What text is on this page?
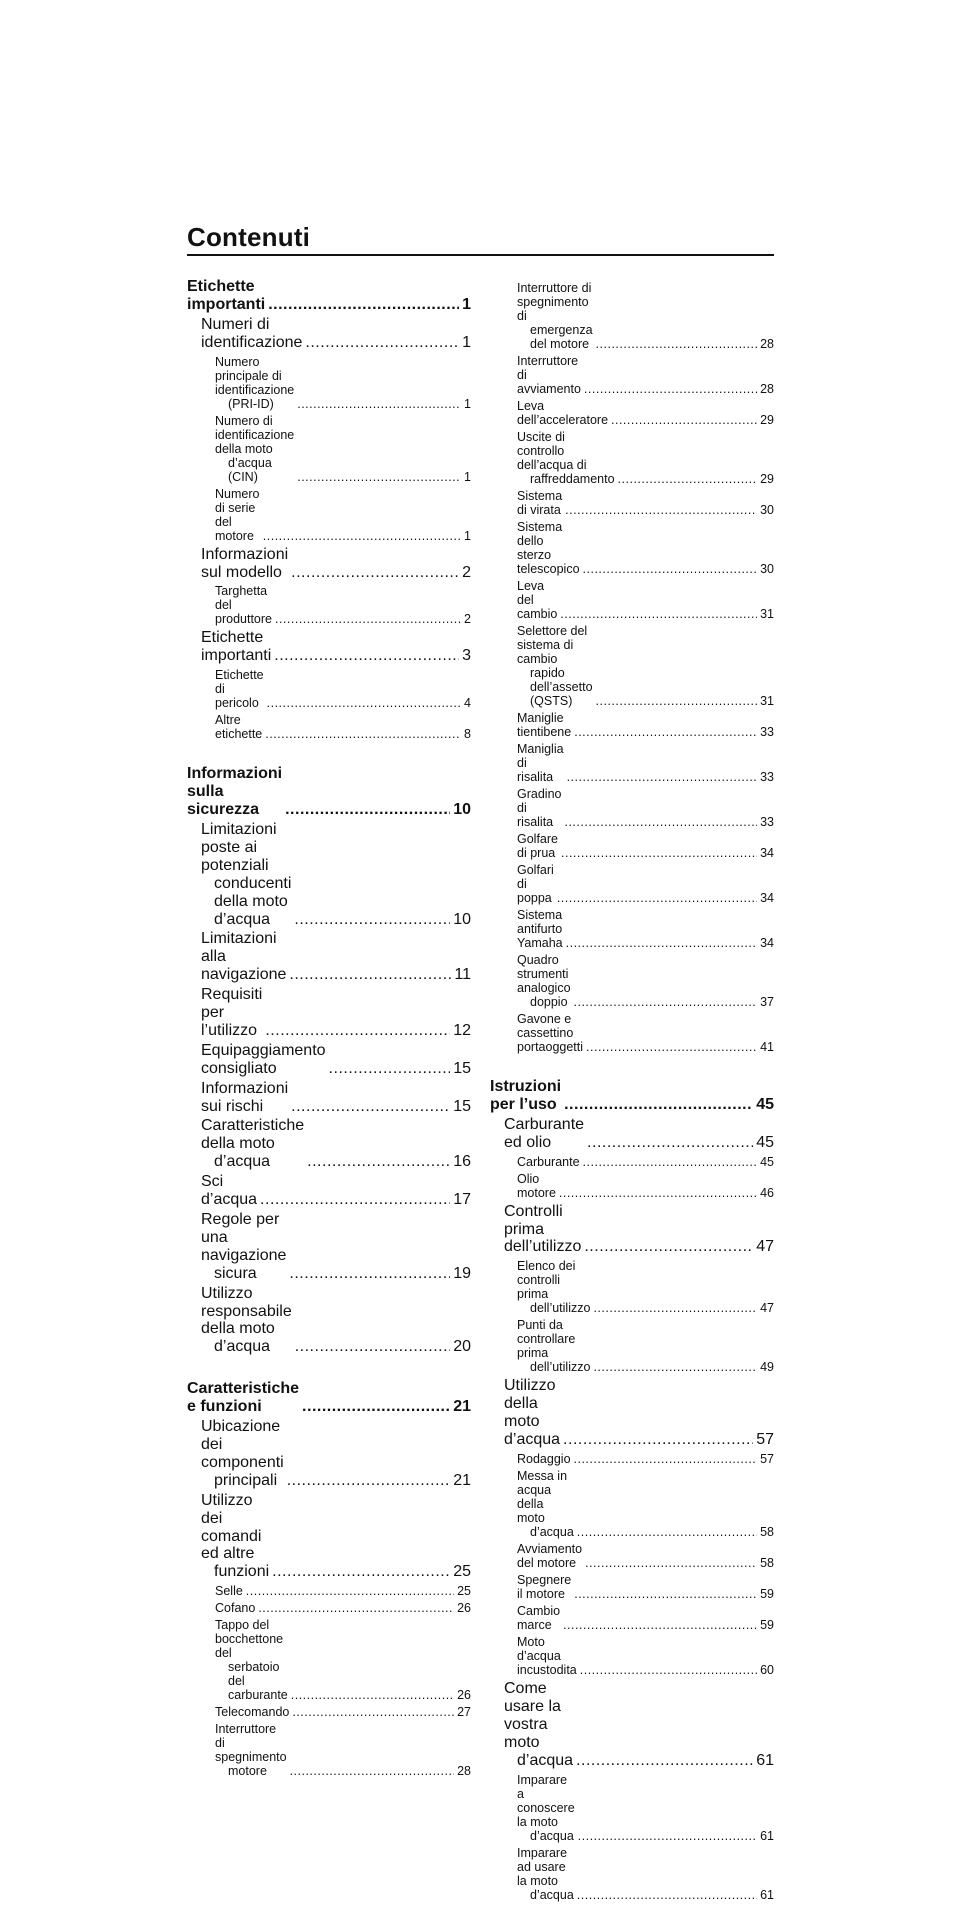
Contenuti
Etichette importanti .....	1
Numeri di identificazione .....	1
Numero principale di identificazione
(PRI-ID) .....	1
Numero di identificazione della moto
d’acqua (CIN) .....	1
Numero di serie del motore .....	1
Informazioni sul modello .....	2
Targhetta del produttore .....	2
Etichette importanti .....	3
Etichette di pericolo .....	4
Altre etichette .....	8
Informazioni sulla sicurezza .....	10
Limitazioni poste ai potenziali
conducenti della moto
d’acqua .....	10
Limitazioni alla navigazione .....	11
Requisiti per l’utilizzo .....	12
Equipaggiamento consigliato .....	15
Informazioni sui rischi .....	15
Caratteristiche della moto
d’acqua .....	16
Sci d’acqua .....	17
Regole per una navigazione
sicura .....	19
Utilizzo responsabile della moto
d’acqua .....	20
Caratteristiche e funzioni .....	21
Ubicazione dei componenti
principali .....	21
Utilizzo dei comandi ed altre
funzioni .....	25
Selle .....	25
Cofano .....	26
Tappo del bocchettone del
serbatoio del carburante .....	26
Telecomando .....	27
Interruttore di spegnimento
motore .....	28
Interruttore di spegnimento di
emergenza del motore .....	28
Interruttore di avviamento .....	28
Leva dell’acceleratore .....	29
Uscite di controllo dell’acqua di
raffreddamento .....	29
Sistema di virata .....	30
Sistema dello sterzo telescopico .....	30
Leva del cambio .....	31
Selettore del sistema di cambio
rapido dell’assetto (QSTS) .....	31
Maniglie tientibene .....	33
Maniglia di risalita .....	33
Gradino di risalita .....	33
Golfare di prua .....	34
Golfari di poppa .....	34
Sistema antifurto Yamaha .....	34
Quadro strumenti analogico
doppio .....	37
Gavone e cassettino portaoggetti .....	41
Istruzioni per l’uso .....	45
Carburante ed olio .....	45
Carburante .....	45
Olio motore .....	46
Controlli prima dell’utilizzo .....	47
Elenco dei controlli prima
dell’utilizzo .....	47
Punti da controllare prima
dell’utilizzo .....	49
Utilizzo della moto d’acqua .....	57
Rodaggio .....	57
Messa in acqua della moto
d’acqua .....	58
Avviamento del motore .....	58
Spegnere il motore .....	59
Cambio marce .....	59
Moto d’acqua incustodita .....	60
Come usare la vostra moto
d’acqua .....	61
Imparare a conoscere la moto
d’acqua .....	61
Imparare ad usare la moto
d’acqua .....	61
